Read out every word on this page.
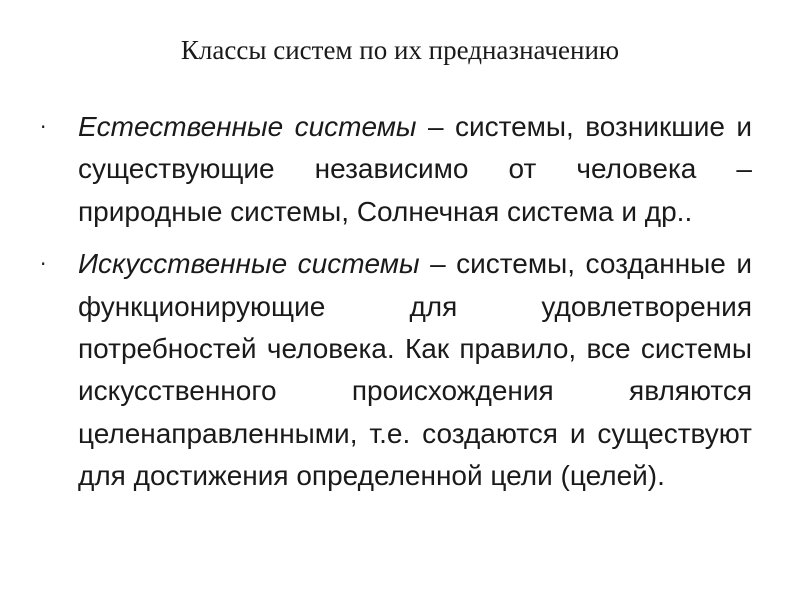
Классы систем по их предназначению
· Естественные системы – системы, возникшие и существующие независимо от человека – природные системы, Солнечная система и др..
· Искусственные системы – системы, созданные и функционирующие для удовлетворения потребностей человека. Как правило, все системы искусственного происхождения являются целенаправленными, т.е. создаются и существуют для достижения определенной цели (целей).
